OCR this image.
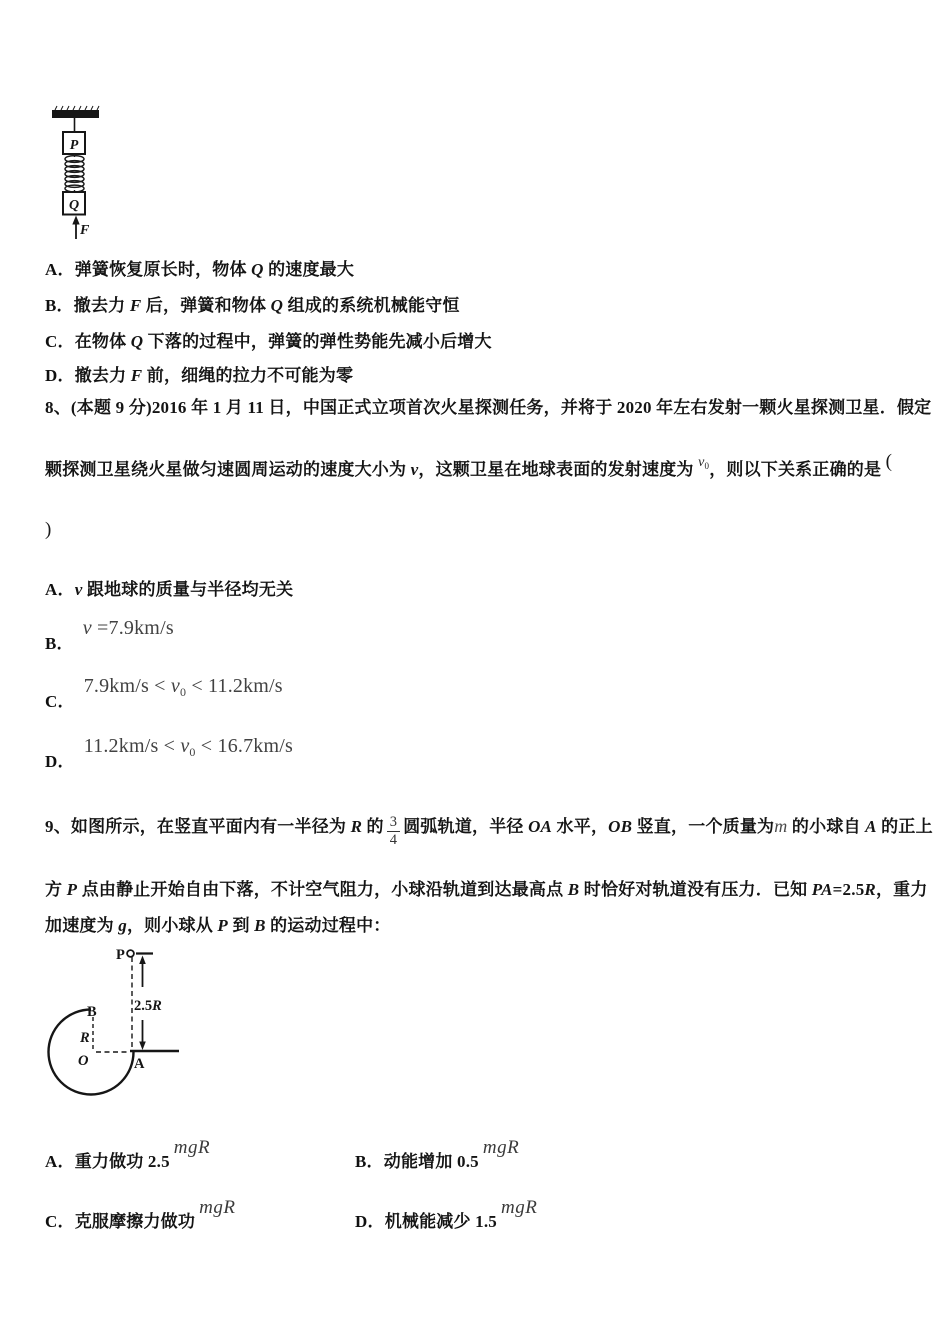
P
Q
F
A．弹簧恢复原长时，物体 Q 的速度最大
B．撤去力 F 后，弹簧和物体 Q 组成的系统机械能守恒
C．在物体 Q 下落的过程中，弹簧的弹性势能先减小后增大
D．撤去力 F 前，细绳的拉力不可能为零
8、(本题 9 分)2016 年 1 月 11 日，中国正式立项首次火星探测任务，并将于 2020 年左右发射一颗火星探测卫星．假定
颗探测卫星绕火星做匀速圆周运动的速度大小为 v，这颗卫星在地球表面的发射速度为 $^{v_0}$，则以下关系正确的是 (
)
A．v 跟地球的质量与半径均无关
B．v =7.9km/s
C．$7.9km/s < v_0 < 11.2km/s$
D．$11.2km/s < v_0 < 16.7km/s$
9、如图所示，在竖直平面内有一半径为 R 的 $\frac{3}{4}$ 圆弧轨道，半径 OA 水平，OB 竖直，一个质量为m 的小球自 A 的正上
方 P 点由静止开始自由下落，不计空气阻力，小球沿轨道到达最高点 B 时恰好对轨道没有压力．已知 PA=2.5R，重力
加速度为 g，则小球从 P 到 B 的运动过程中：
P
2.5R
B
R
O	A
A．重力做功 2.5mgR
B．动能增加 0.5mgR
C．克服摩擦力做功mgR
D．机械能减少 1.5mgR
